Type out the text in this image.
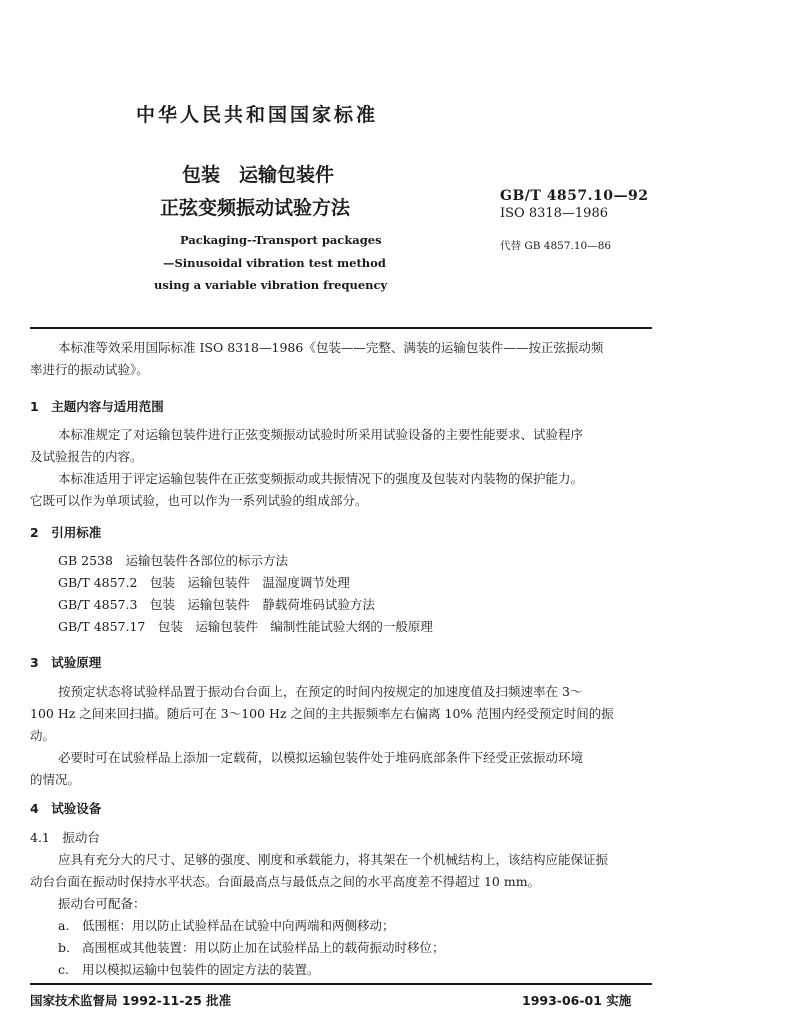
中华人民共和国国家标准
包装　运输包装件
正弦变频振动试验方法
Packaging--Transport packages
—Sinusoidal vibration test method
using a variable vibration frequency
GB/T 4857.10—92
ISO 8318—1986
代替 GB 4857.10—86

本标准等效采用国际标准 ISO 8318—1986《包装——完整、满装的运输包装件——按正弦振动频

率进行的振动试验》。

1　主题内容与适用范围

本标准规定了对运输包装件进行正弦变频振动试验时所采用试验设备的主要性能要求、试验程序

及试验报告的内容。

本标准适用于评定运输包装件在正弦变频振动或共振情况下的强度及包装对内装物的保护能力。

它既可以作为单项试验，也可以作为一系列试验的组成部分。

2　引用标准
GB 2538　运输包装件各部位的标示方法
GB/T 4857.2　包装　运输包装件　温湿度调节处理
GB/T 4857.3　包装　运输包装件　静载荷堆码试验方法
GB/T 4857.17　包装　运输包装件　编制性能试验大纲的一般原理
3　试验原理

按预定状态将试验样品置于振动台台面上，在预定的时间内按规定的加速度值及扫频速率在 3～

100 Hz 之间来回扫描。随后可在 3～100 Hz 之间的主共振频率左右偏离 10% 范围内经受预定时间的振

动。

必要时可在试验样品上添加一定载荷，以模拟运输包装件处于堆码底部条件下经受正弦振动环境

的情况。

4　试验设备
4.1　振动台

应具有充分大的尺寸、足够的强度、刚度和承载能力，将其架在一个机械结构上，该结构应能保证振

动台台面在振动时保持水平状态。台面最高点与最低点之间的水平高度差不得超过 10 mm。

振动台可配备：

a. 低围框：用以防止试验样品在试验中向两端和两侧移动；
b. 高围框或其他装置：用以防止加在试验样品上的载荷振动时移位；
c. 用以模拟运输中包装件的固定方法的装置。
国家技术监督局 1992-11-25 批准	1993-06-01 实施
